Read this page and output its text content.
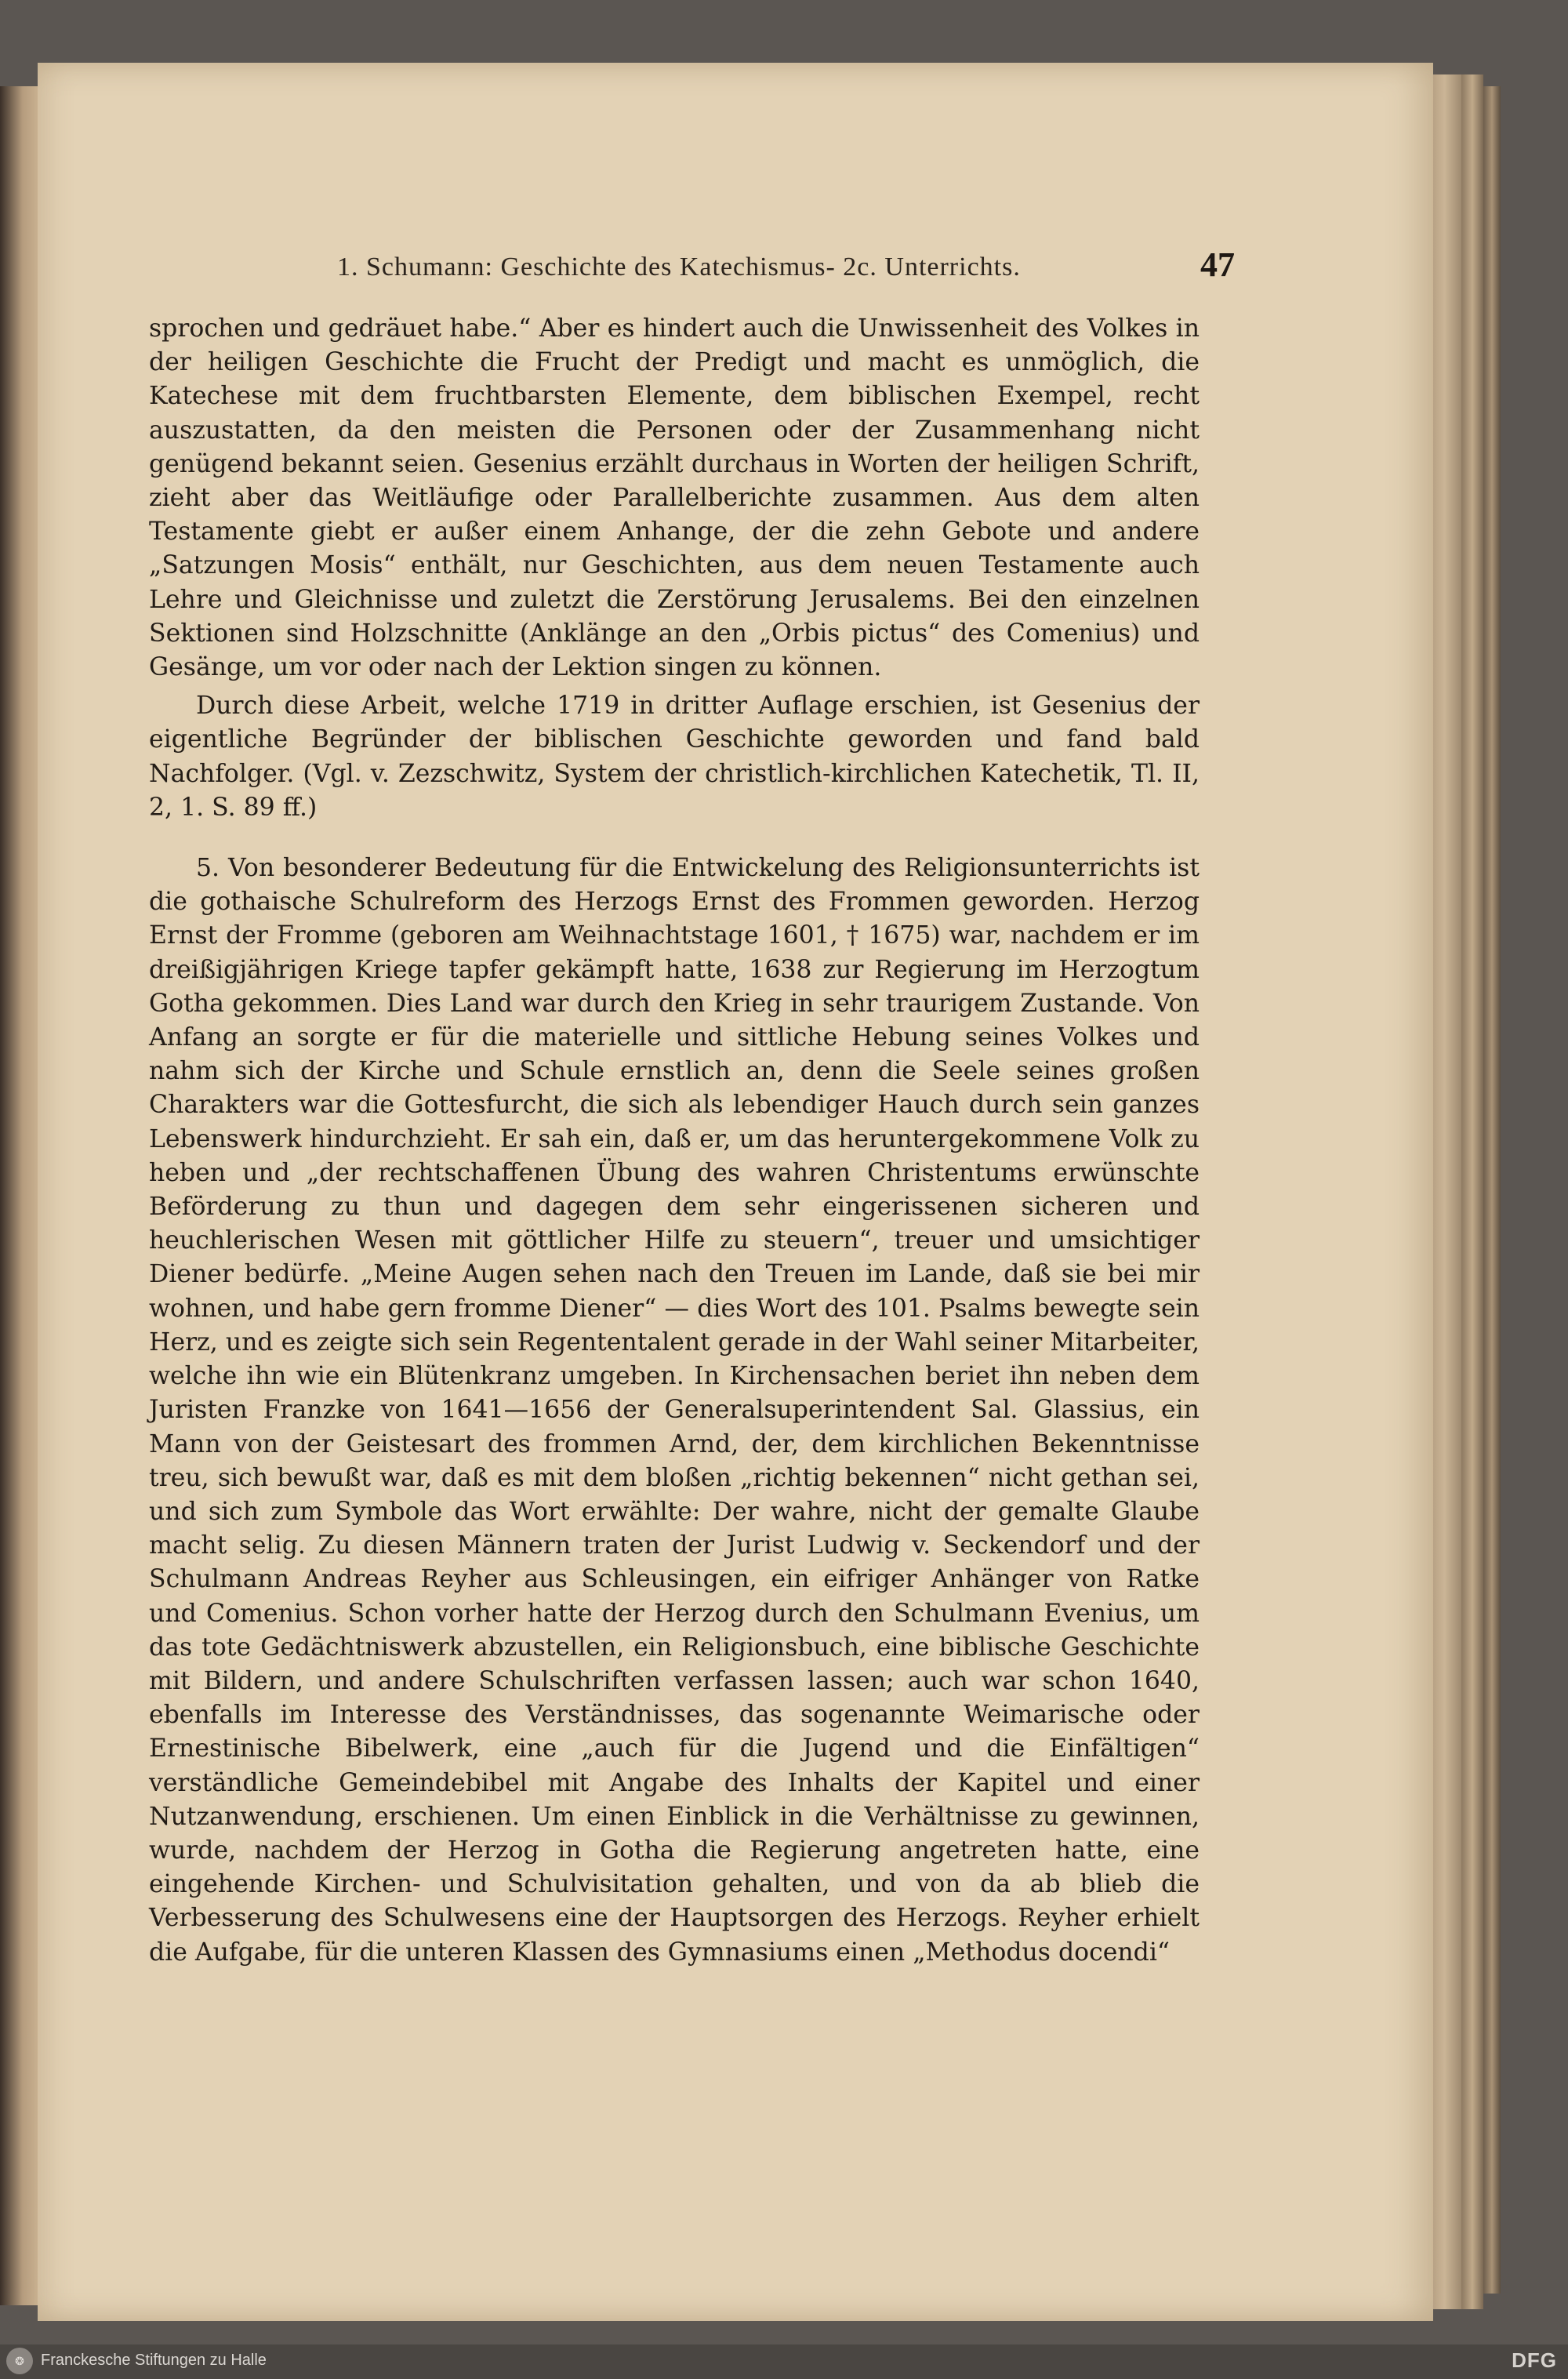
1. Schumann: Geschichte des Katechismus- 2c. Unterrichts.	47

sprochen und gedräuet habe.“ Aber es hindert auch die Unwissenheit des Volkes in der heiligen Geschichte die Frucht der Predigt und macht es unmöglich, die Katechese mit dem fruchtbarsten Elemente, dem biblischen Exempel, recht auszustatten, da den meisten die Personen oder der Zusammenhang nicht genügend bekannt seien. Gesenius erzählt durchaus in Worten der heiligen Schrift, zieht aber das Weitläufige oder Parallelberichte zusammen. Aus dem alten Testamente giebt er außer einem Anhange, der die zehn Gebote und andere „Satzungen Mosis“ enthält, nur Geschichten, aus dem neuen Testamente auch Lehre und Gleichnisse und zuletzt die Zerstörung Jerusalems. Bei den einzelnen Sektionen sind Holzschnitte (Anklänge an den „Orbis pictus“ des Comenius) und Gesänge, um vor oder nach der Lektion singen zu können.

Durch diese Arbeit, welche 1719 in dritter Auflage erschien, ist Gesenius der eigentliche Begründer der biblischen Geschichte geworden und fand bald Nachfolger. (Vgl. v. Zezschwitz, System der christlich-kirchlichen Katechetik, Tl. II, 2, 1. S. 89 ff.)

5. Von besonderer Bedeutung für die Entwickelung des Religionsunterrichts ist die gothaische Schulreform des Herzogs Ernst des Frommen geworden. Herzog Ernst der Fromme (geboren am Weihnachtstage 1601, † 1675) war, nachdem er im dreißigjährigen Kriege tapfer gekämpft hatte, 1638 zur Regierung im Herzogtum Gotha gekommen. Dies Land war durch den Krieg in sehr traurigem Zustande. Von Anfang an sorgte er für die materielle und sittliche Hebung seines Volkes und nahm sich der Kirche und Schule ernstlich an, denn die Seele seines großen Charakters war die Gottesfurcht, die sich als lebendiger Hauch durch sein ganzes Lebenswerk hindurchzieht. Er sah ein, daß er, um das heruntergekommene Volk zu heben und „der rechtschaffenen Übung des wahren Christentums erwünschte Beförderung zu thun und dagegen dem sehr eingerissenen sicheren und heuchlerischen Wesen mit göttlicher Hilfe zu steuern“, treuer und umsichtiger Diener bedürfe. „Meine Augen sehen nach den Treuen im Lande, daß sie bei mir wohnen, und habe gern fromme Diener“ — dies Wort des 101. Psalms bewegte sein Herz, und es zeigte sich sein Regententalent gerade in der Wahl seiner Mitarbeiter, welche ihn wie ein Blütenkranz umgeben. In Kirchensachen beriet ihn neben dem Juristen Franzke von 1641—1656 der Generalsuperintendent Sal. Glassius, ein Mann von der Geistesart des frommen Arnd, der, dem kirchlichen Bekenntnisse treu, sich bewußt war, daß es mit dem bloßen „richtig bekennen“ nicht gethan sei, und sich zum Symbole das Wort erwählte: Der wahre, nicht der gemalte Glaube macht selig. Zu diesen Männern traten der Jurist Ludwig v. Seckendorf und der Schulmann Andreas Reyher aus Schleusingen, ein eifriger Anhänger von Ratke und Comenius. Schon vorher hatte der Herzog durch den Schulmann Evenius, um das tote Gedächtniswerk abzustellen, ein Religionsbuch, eine biblische Geschichte mit Bildern, und andere Schulschriften verfassen lassen; auch war schon 1640, ebenfalls im Interesse des Verständnisses, das sogenannte Weimarische oder Ernestinische Bibelwerk, eine „auch für die Jugend und die Einfältigen“ verständliche Gemeindebibel mit Angabe des Inhalts der Kapitel und einer Nutzanwendung, erschienen. Um einen Einblick in die Verhältnisse zu gewinnen, wurde, nachdem der Herzog in Gotha die Regierung angetreten hatte, eine eingehende Kirchen- und Schulvisitation gehalten, und von da ab blieb die Verbesserung des Schulwesens eine der Hauptsorgen des Herzogs. Reyher erhielt die Aufgabe, für die unteren Klassen des Gymnasiums einen „Methodus docendi“

❂	Franckesche Stiftungen zu Halle	DFG
